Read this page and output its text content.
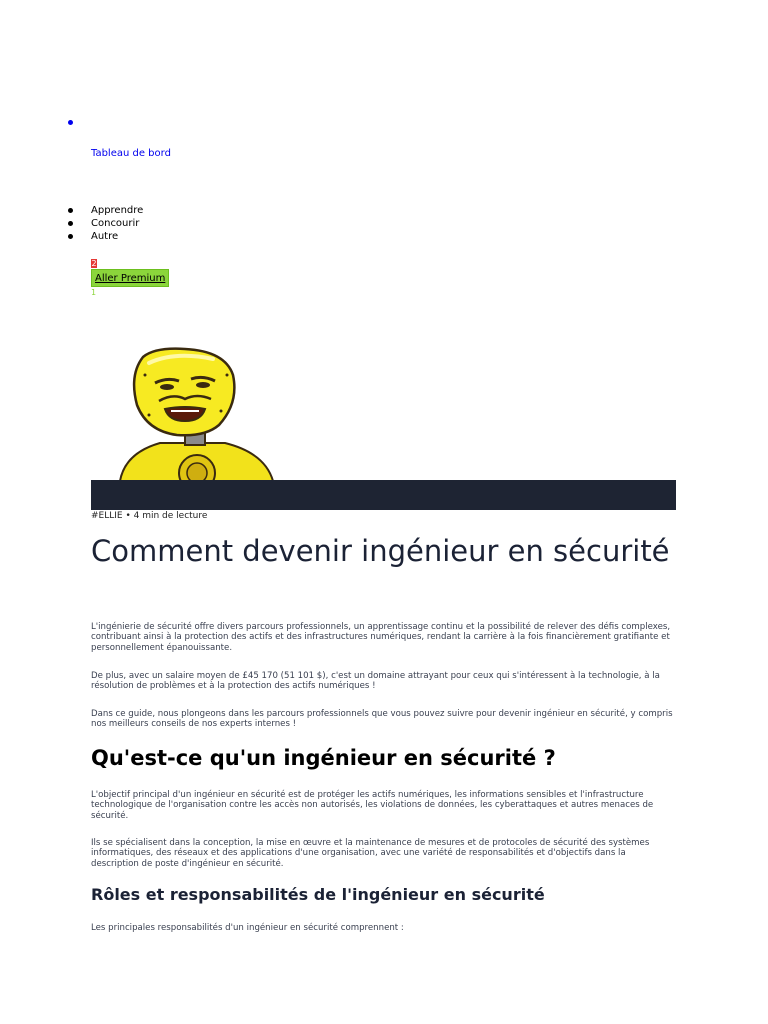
Tableau de bord
Apprendre
Concourir
Autre
2
Aller Premium
1
#ELLIE • 4 min de lecture
Comment devenir ingénieur en sécurité

L'ingénierie de sécurité offre divers parcours professionnels, un apprentissage continu et la possibilité de relever des défis complexes, contribuant ainsi à la protection des actifs et des infrastructures numériques, rendant la carrière à la fois financièrement gratifiante et personnellement épanouissante.

De plus, avec un salaire moyen de £45 170 (51 101 $), c'est un domaine attrayant pour ceux qui s'intéressent à la technologie, à la résolution de problèmes et à la protection des actifs numériques !

Dans ce guide, nous plongeons dans les parcours professionnels que vous pouvez suivre pour devenir ingénieur en sécurité, y compris nos meilleurs conseils de nos experts internes !

Qu'est-ce qu'un ingénieur en sécurité ?

L'objectif principal d'un ingénieur en sécurité est de protéger les actifs numériques, les informations sensibles et l'infrastructure technologique de l'organisation contre les accès non autorisés, les violations de données, les cyberattaques et autres menaces de sécurité.

Ils se spécialisent dans la conception, la mise en œuvre et la maintenance de mesures et de protocoles de sécurité des systèmes informatiques, des réseaux et des applications d'une organisation, avec une variété de responsabilités et d'objectifs dans la description de poste d'ingénieur en sécurité.

Rôles et responsabilités de l'ingénieur en sécurité

Les principales responsabilités d'un ingénieur en sécurité comprennent :
